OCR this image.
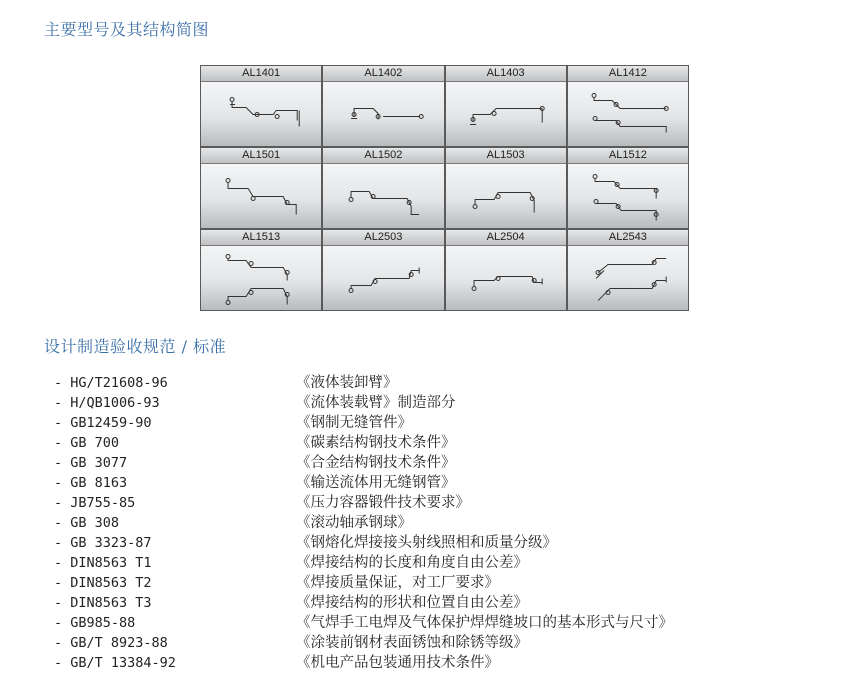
主要型号及其结构简图
AL1401	AL1402	AL1403	AL1412
AL1501	AL1502	AL1503	AL1512
AL1513	AL2503	AL2504	AL2543
设计制造验收规范 / 标准
- HG/T21608-96	《液体装卸臂》
- H/QB1006-93	《流体装载臂》制造部分
- GB12459-90	《钢制无缝管件》
- GB 700	《碳素结构钢技术条件》
- GB 3077	《合金结构钢技术条件》
- GB 8163	《输送流体用无缝钢管》
- JB755-85	《压力容器锻件技术要求》
- GB 308	《滚动轴承钢球》
- GB 3323-87	《钢熔化焊接接头射线照相和质量分级》
- DIN8563 T1	《焊接结构的长度和角度自由公差》
- DIN8563 T2	《焊接质量保证，对工厂要求》
- DIN8563 T3	《焊接结构的形状和位置自由公差》
- GB985-88	《气焊手工电焊及气体保护焊焊缝坡口的基本形式与尺寸》
- GB/T 8923-88	《涂装前钢材表面锈蚀和除锈等级》
- GB/T 13384-92	《机电产品包装通用技术条件》
